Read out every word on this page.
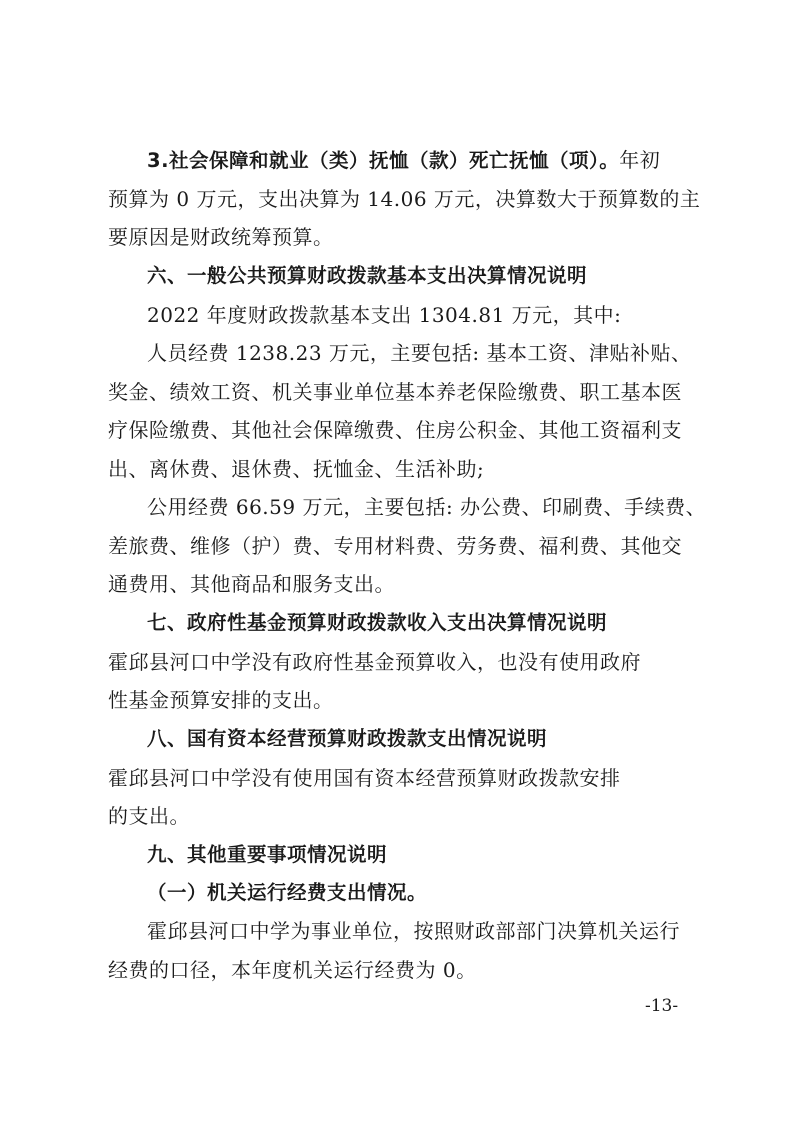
3.社会保障和就业（类）抚恤（款）死亡抚恤（项）。年初
预算为 0 万元，支出决算为 14.06 万元，决算数大于预算数的主
要原因是财政统筹预算。
六、一般公共预算财政拨款基本支出决算情况说明
2022 年度财政拨款基本支出 1304.81 万元，其中:
人员经费 1238.23 万元，主要包括: 基本工资、津贴补贴、
奖金、绩效工资、机关事业单位基本养老保险缴费、职工基本医
疗保险缴费、其他社会保障缴费、住房公积金、其他工资福利支
出、离休费、退休费、抚恤金、生活补助;
公用经费 66.59 万元，主要包括: 办公费、印刷费、手续费、
差旅费、维修（护）费、专用材料费、劳务费、福利费、其他交
通费用、其他商品和服务支出。
七、政府性基金预算财政拨款收入支出决算情况说明
霍邱县河口中学没有政府性基金预算收入，也没有使用政府
性基金预算安排的支出。
八、国有资本经营预算财政拨款支出情况说明
霍邱县河口中学没有使用国有资本经营预算财政拨款安排
的支出。
九、其他重要事项情况说明
（一）机关运行经费支出情况。
霍邱县河口中学为事业单位，按照财政部部门决算机关运行
经费的口径，本年度机关运行经费为 0。
-13-
